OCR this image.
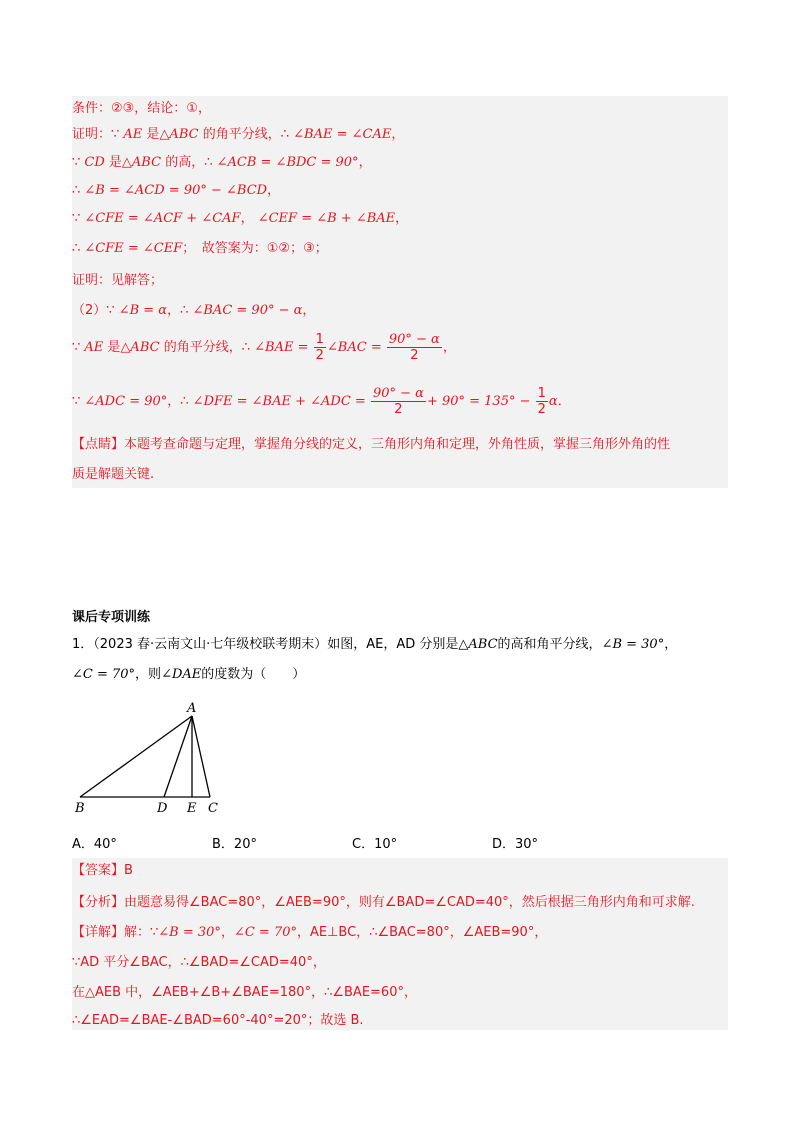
条件：②③，结论：①，
证明：∵ AE 是△ABC 的角平分线，∴ ∠BAE = ∠CAE，
∵ CD 是△ABC 的高，∴ ∠ACB = ∠BDC = 90°，
∴ ∠B = ∠ACD = 90° − ∠BCD，
∵ ∠CFE = ∠ACF + ∠CAF， ∠CEF = ∠B + ∠BAE，
∴ ∠CFE = ∠CEF；　故答案为：①②；③；
证明：见解答；
（2）∵ ∠B = α，∴ ∠BAC = 90° − α，
∵ AE 是△ABC 的角平分线，∴ ∠BAE = $\frac{1}{2}$ ∠BAC = $\frac{90^\circ - \alpha}{2}$ ，
∵ ∠ADC = 90°，∴ ∠DFE = ∠BAE + ∠ADC = $\frac{90^\circ - \alpha}{2} + 90^\circ = 135^\circ - \frac{1}{2}$ α．
【点睛】本题考查命题与定理，掌握角分线的定义，三角形内角和定理，外角性质，掌握三角形外角的性
质是解题关键.
课后专项训练
1．（2023 春·云南文山·七年级校联考期末）如图，AE，AD 分别是△ABC的高和角平分线，∠B = 30°，
∠C = 70°，则∠DAE的度数为（　　）
A
B	D E C
A．40°	B．20°	C．10°	D．30°
【答案】B
【分析】由题意易得∠BAC=80°，∠AEB=90°，则有∠BAD=∠CAD=40°，然后根据三角形内角和可求解.
【详解】解：∵∠B = 30°，∠C = 70°，AE⊥BC，∴∠BAC=80°，∠AEB=90°，
∵AD 平分∠BAC，∴∠BAD=∠CAD=40°，
在△AEB 中，∠AEB+∠B+∠BAE=180°，∴∠BAE=60°，
∴∠EAD=∠BAE-∠BAD=60°-40°=20°；故选 B.
